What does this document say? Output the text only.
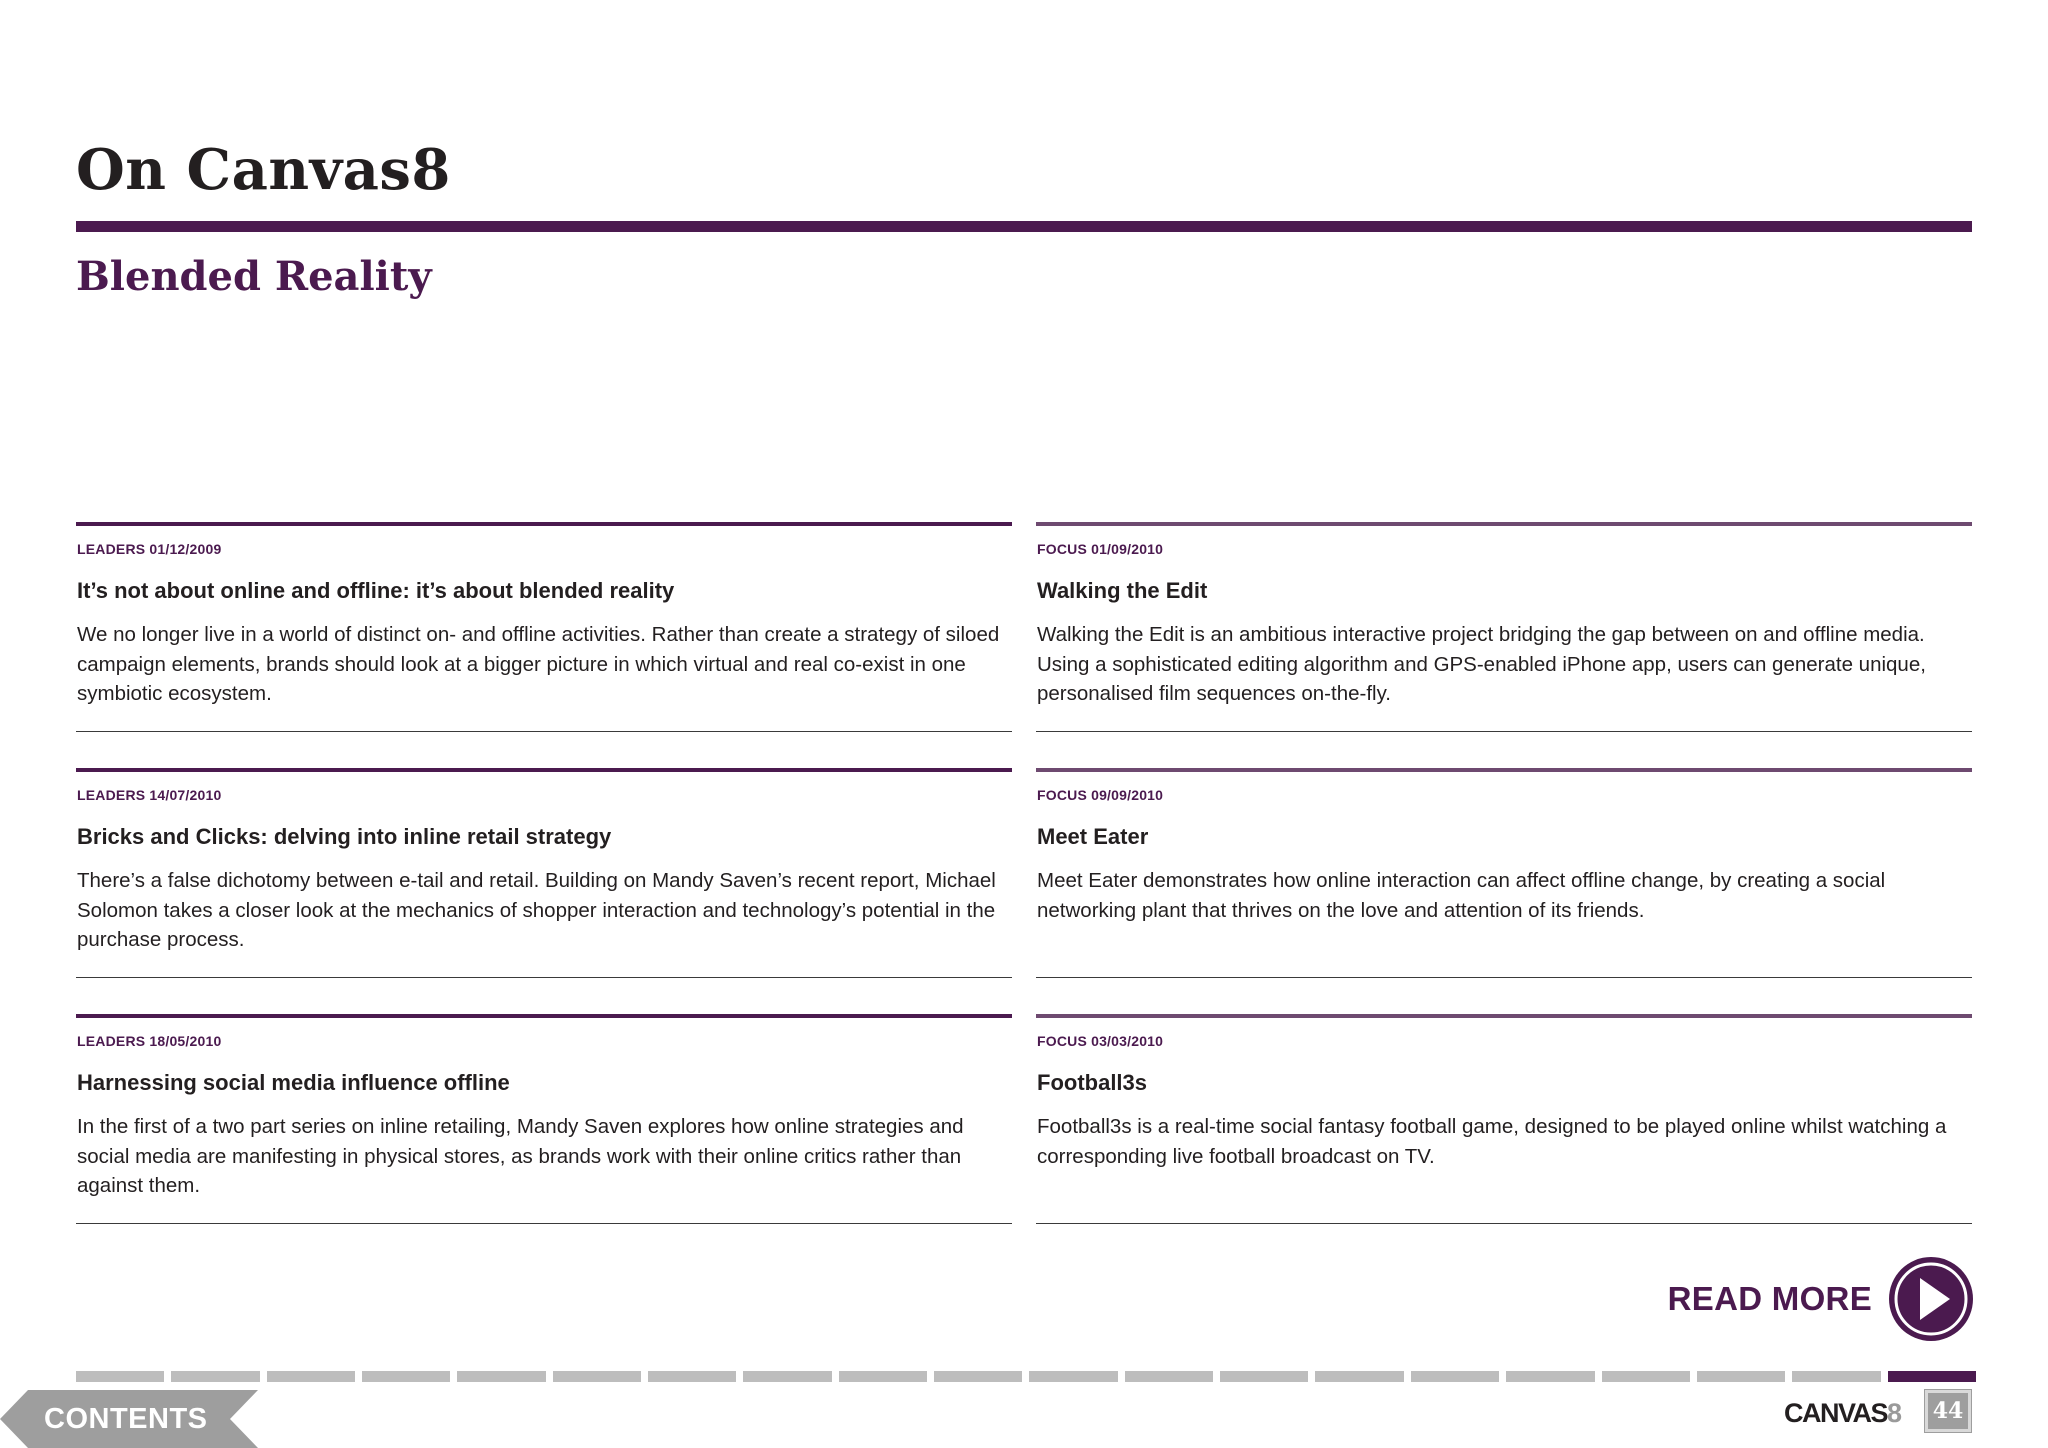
On Canvas8
Blended Reality
LEADERS 01/12/2009
It’s not about online and offline: it’s about blended reality
We no longer live in a world of distinct on- and offline activities. Rather than create a strategy of siloed campaign elements, brands should look at a bigger picture in which virtual and real co-exist in one symbiotic ecosystem.
FOCUS 01/09/2010
Walking the Edit
Walking the Edit is an ambitious interactive project bridging the gap between on and offline media. Using a sophisticated editing algorithm and GPS-enabled iPhone app, users can generate unique, personalised film sequences on-the-fly.
LEADERS 14/07/2010
Bricks and Clicks: delving into inline retail strategy
There’s a false dichotomy between e-tail and retail. Building on Mandy Saven’s recent report, Michael Solomon takes a closer look at the mechanics of shopper interaction and technology’s potential in the purchase process.
FOCUS 09/09/2010
Meet Eater
Meet Eater demonstrates how online interaction can affect offline change, by creating a social networking plant that thrives on the love and attention of its friends.
LEADERS 18/05/2010
Harnessing social media influence offline
In the first of a two part series on inline retailing, Mandy Saven explores how online strategies and social media are manifesting in physical stores, as brands work with their online critics rather than against them.
FOCUS 03/03/2010
Football3s
Football3s is a real-time social fantasy football game, designed to be played online whilst watching a corresponding live football broadcast on TV.
READ MORE
CONTENTS	CANVAS8	44
